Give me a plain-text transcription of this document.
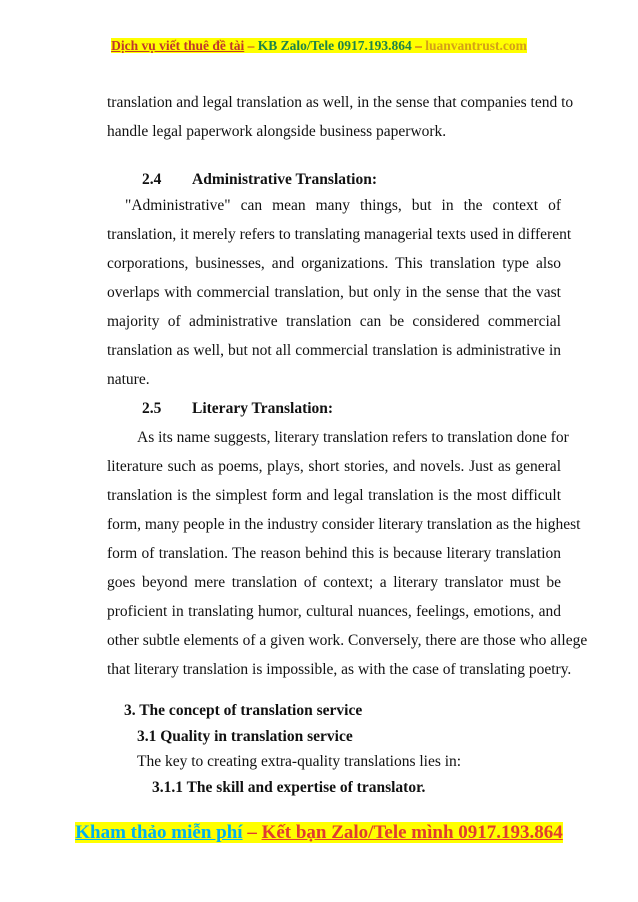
Dịch vụ viết thuê đề tài – KB Zalo/Tele 0917.193.864 – luanvantrust.com
translation and legal translation as well, in the sense that companies tend to
handle legal paperwork alongside business paperwork.
2.4 Administrative Translation:
"Administrative" can mean many things, but in the context of
translation, it merely refers to translating managerial texts used in different
corporations, businesses, and organizations. This translation type also
overlaps with commercial translation, but only in the sense that the vast
majority of administrative translation can be considered commercial
translation as well, but not all commercial translation is administrative in
nature.
2.5 Literary Translation:
As its name suggests, literary translation refers to translation done for
literature such as poems, plays, short stories, and novels. Just as general
translation is the simplest form and legal translation is the most difficult
form, many people in the industry consider literary translation as the highest
form of translation. The reason behind this is because literary translation
goes beyond mere translation of context; a literary translator must be
proficient in translating humor, cultural nuances, feelings, emotions, and
other subtle elements of a given work. Conversely, there are those who allege
that literary translation is impossible, as with the case of translating poetry.
3. The concept of translation service
3.1 Quality in translation service
The key to creating extra-quality translations lies in:
3.1.1 The skill and expertise of translator.
Kham thảo miễn phí – Kết bạn Zalo/Tele mình 0917.193.864
